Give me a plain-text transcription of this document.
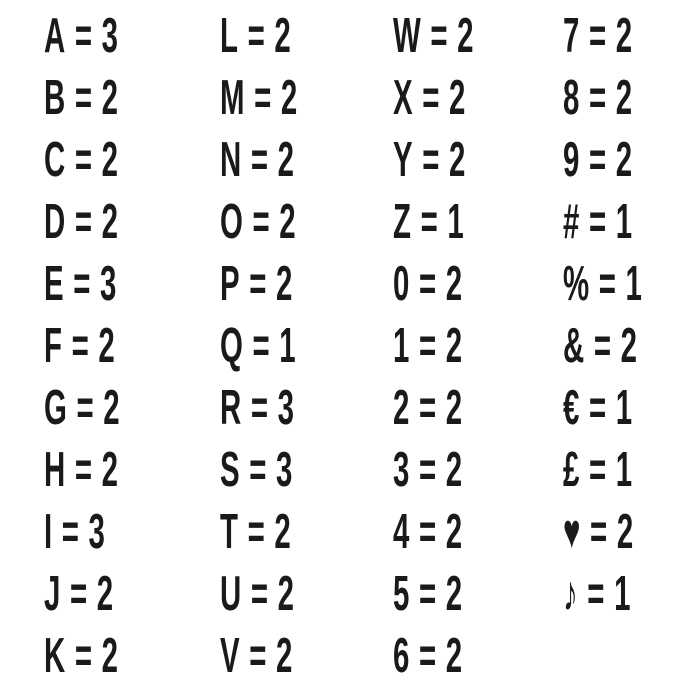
A = 3
B = 2
C = 2
D = 2
E = 3
F = 2
G = 2
H = 2
I = 3
J = 2
K = 2
L = 2
M = 2
N = 2
O = 2
P = 2
Q = 1
R = 3
S = 3
T = 2
U = 2
V = 2
W = 2
X = 2
Y = 2
Z = 1
0 = 2
1 = 2
2 = 2
3 = 2
4 = 2
5 = 2
6 = 2
7 = 2
8 = 2
9 = 2
# = 1
% = 1
& = 2
€ = 1
£ = 1
♥ = 2
♪ = 1
